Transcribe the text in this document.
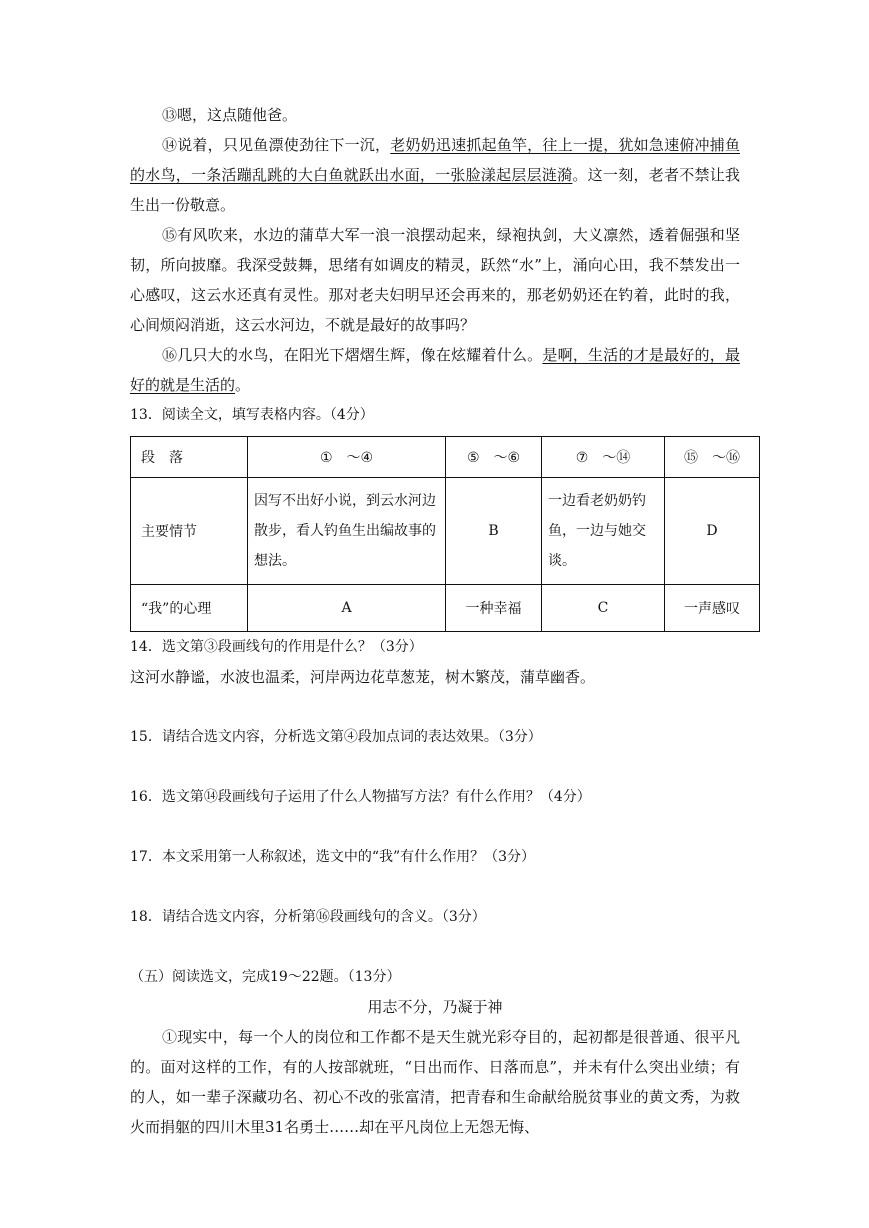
⑬嗯，这点随他爸。

⑭说着，只见鱼漂使劲往下一沉，老奶奶迅速抓起鱼竿，往上一提，犹如急速俯冲捕鱼的水鸟，一条活蹦乱跳的大白鱼就跃出水面，一张脸漾起层层涟漪。这一刻，老者不禁让我生出一份敬意。

⑮有风吹来，水边的蒲草大军一浪一浪摆动起来，绿袍执剑，大义凛然，透着倔强和坚韧，所向披靡。我深受鼓舞，思绪有如调皮的精灵，跃然“水”上，涌向心田，我不禁发出一心感叹，这云水还真有灵性。那对老夫妇明早还会再来的，那老奶奶还在钓着，此时的我，心间烦闷消逝，这云水河边，不就是最好的故事吗？

⑯几只大的水鸟，在阳光下熠熠生辉，像在炫耀着什么。是啊，生活的才是最好的，最好的就是生活的。

13．阅读全文，填写表格内容。（4分）

段　落	①　～④	⑤　～⑥	⑦　～⑭	⑮　～⑯
主要情节	因写不出好小说，到云水河边散步，看人钓鱼生出编故事的想法。	B	一边看老奶奶钓鱼，一边与她交谈。	D
“我”的心理	A	一种幸福	C	一声感叹

14．选文第③段画线句的作用是什么？（3分）

这河水静谧，水波也温柔，河岸两边花草葱茏，树木繁茂，蒲草幽香。

15．请结合选文内容，分析选文第④段加点词的表达效果。（3分）

16．选文第⑭段画线句子运用了什么人物描写方法？有什么作用？（4分）

17．本文采用第一人称叙述，选文中的“我”有什么作用？（3分）

18．请结合选文内容，分析第⑯段画线句的含义。（3分）

（五）阅读选文，完成19～22题。（13分）

用志不分，乃凝于神

①现实中，每一个人的岗位和工作都不是天生就光彩夺目的，起初都是很普通、很平凡的。面对这样的工作，有的人按部就班，“日出而作、日落而息”，并未有什么突出业绩；有的人，如一辈子深藏功名、初心不改的张富清，把青春和生命献给脱贫事业的黄文秀，为救火而捐躯的四川木里31名勇士……却在平凡岗位上无怨无悔、
